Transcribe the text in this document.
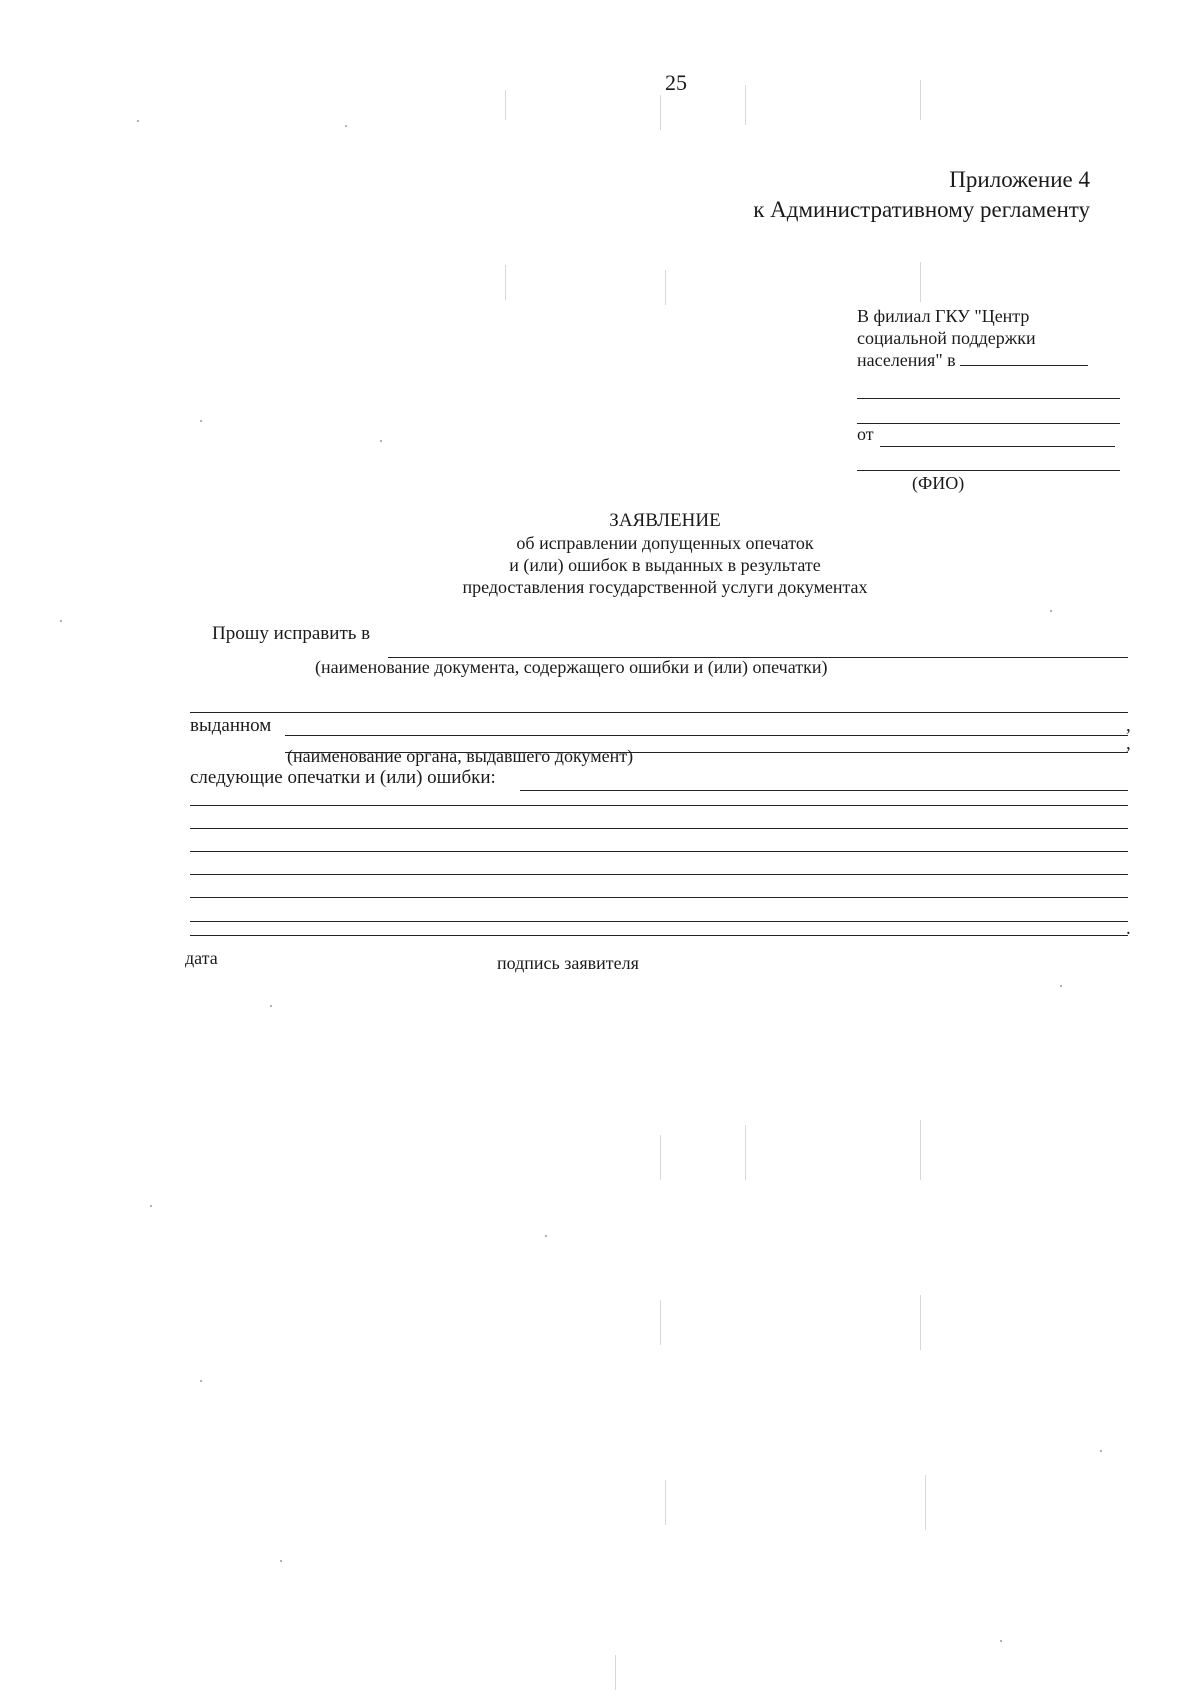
25
Приложение 4
к Административному регламенту
В филиал ГКУ "Центр
социальной поддержки
населения" в
от
(ФИО)
ЗАЯВЛЕНИЕ
об исправлении допущенных опечаток
и (или) ошибок в выданных в результате
предоставления государственной услуги документах
Прошу исправить в
(наименование документа, содержащего ошибки и (или) опечатки)
выданном	,
,
(наименование органа, выдавшего документ)
следующие опечатки и (или) ошибки:
.
дата	подпись заявителя
